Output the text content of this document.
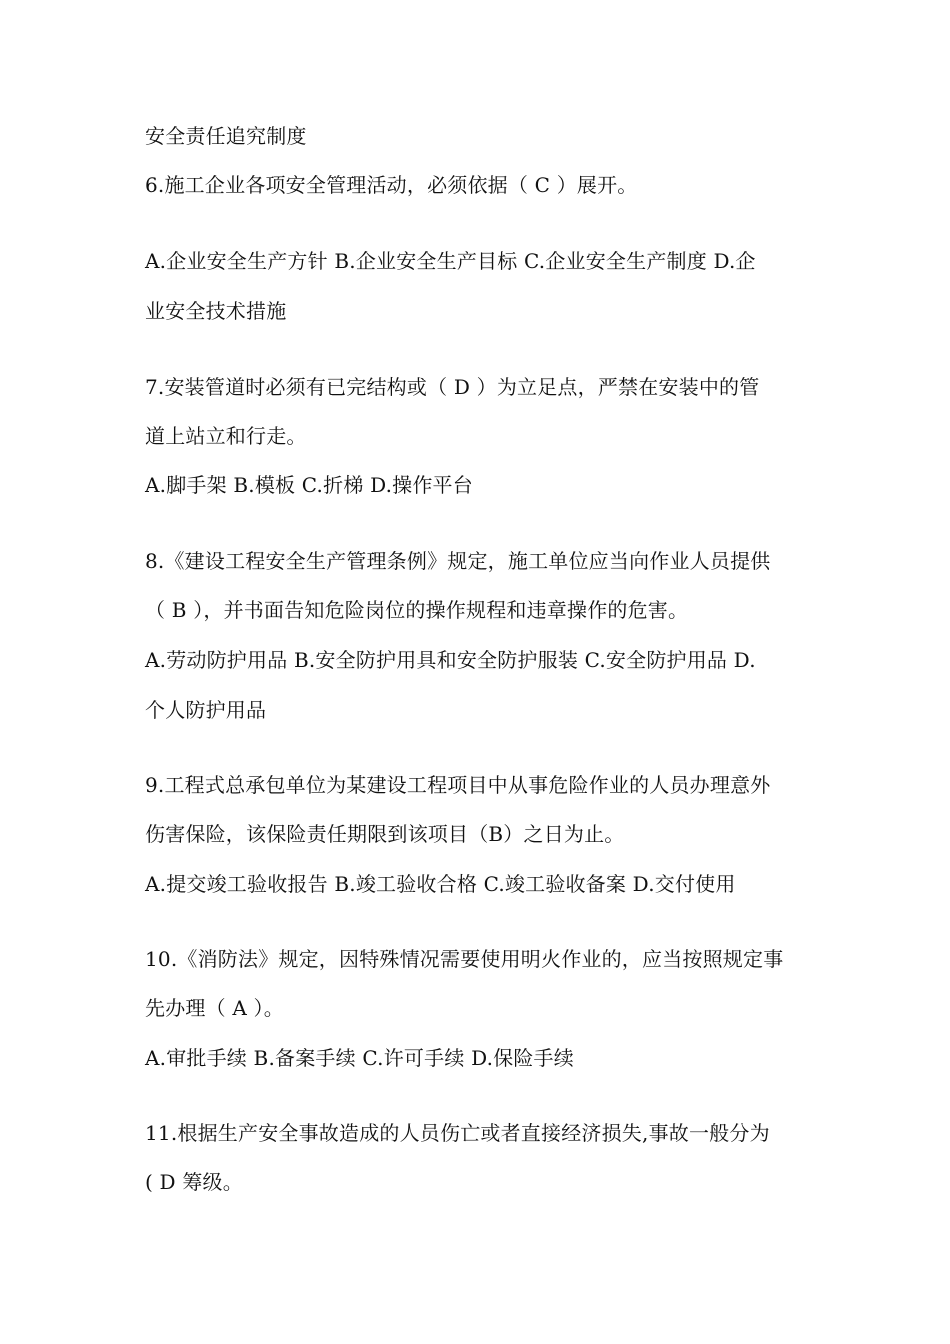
安全责任追究制度
6.施工企业各项安全管理活动，必须依据（ C ）展开。
A.企业安全生产方针 B.企业安全生产目标 C.企业安全生产制度 D.企
业安全技术措施
7.安装管道时必须有已完结构或（ D ）为立足点，严禁在安装中的管
道上站立和行走。
A.脚手架 B.模板 C.折梯 D.操作平台
8.《建设工程安全生产管理条例》规定，施工单位应当向作业人员提供
（ B ），并书面告知危险岗位的操作规程和违章操作的危害。
A.劳动防护用品 B.安全防护用具和安全防护服装 C.安全防护用品 D.
个人防护用品
9.工程式总承包单位为某建设工程项目中从事危险作业的人员办理意外
伤害保险，该保险责任期限到该项目（B）之日为止。
A.提交竣工验收报告 B.竣工验收合格 C.竣工验收备案 D.交付使用
10.《消防法》规定，因特殊情况需要使用明火作业的，应当按照规定事
先办理（ A ）。
A.审批手续 B.备案手续 C.许可手续 D.保险手续
11.根据生产安全事故造成的人员伤亡或者直接经济损失,事故一般分为
( D 筹级。
